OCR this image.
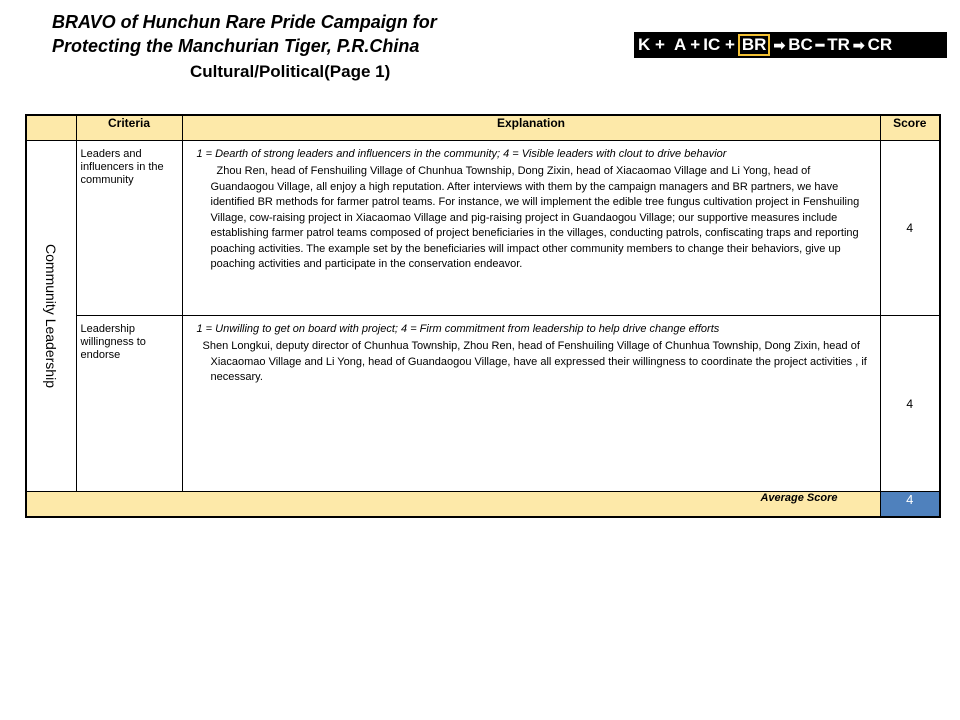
BRAVO of Hunchun Rare Pride Campaign for
Protecting the Manchurian Tiger, P.R.China
Cultural/Political(Page 1)
K + A + IC + BR ➡ BC ━ TR ➡ CR
	Criteria	Explanation	Score

Community Leadership	Leaders and influencers in the community	1 = Dearth of strong leaders and influencers in the community; 4 = Visible leaders with clout to drive behavior

Zhou Ren, head of Fenshuiling Village of Chunhua Township, Dong Zixin, head of Xiacaomao Village and Li Yong, head of Guandaogou Village, all enjoy a high reputation. After interviews with them by the campaign managers and BR partners, we have identified BR methods for farmer patrol teams. For instance, we will implement the edible tree fungus cultivation project in Fenshuiling Village, cow-raising project in Xiacaomao Village and pig-raising project in Guandaogou Village; our supportive measures include establishing farmer patrol teams composed of project beneficiaries in the villages, conducting patrols, confiscating traps and reporting poaching activities. The example set by the beneficiaries will impact other community members to change their behaviors, give up poaching activities and participate in the conservation endeavor.	4
	Leadership willingness to endorse	1 = Unwilling to get on board with project; 4 = Firm commitment from leadership to help drive change efforts

Shen Longkui, deputy director of Chunhua Township, Zhou Ren, head of Fenshuiling Village of Chunhua Township, Dong Zixin, head of Xiacaomao Village and Li Yong, head of Guandaogou Village, have all expressed their willingness to coordinate the project activities , if necessary.	4
Average Score			4
